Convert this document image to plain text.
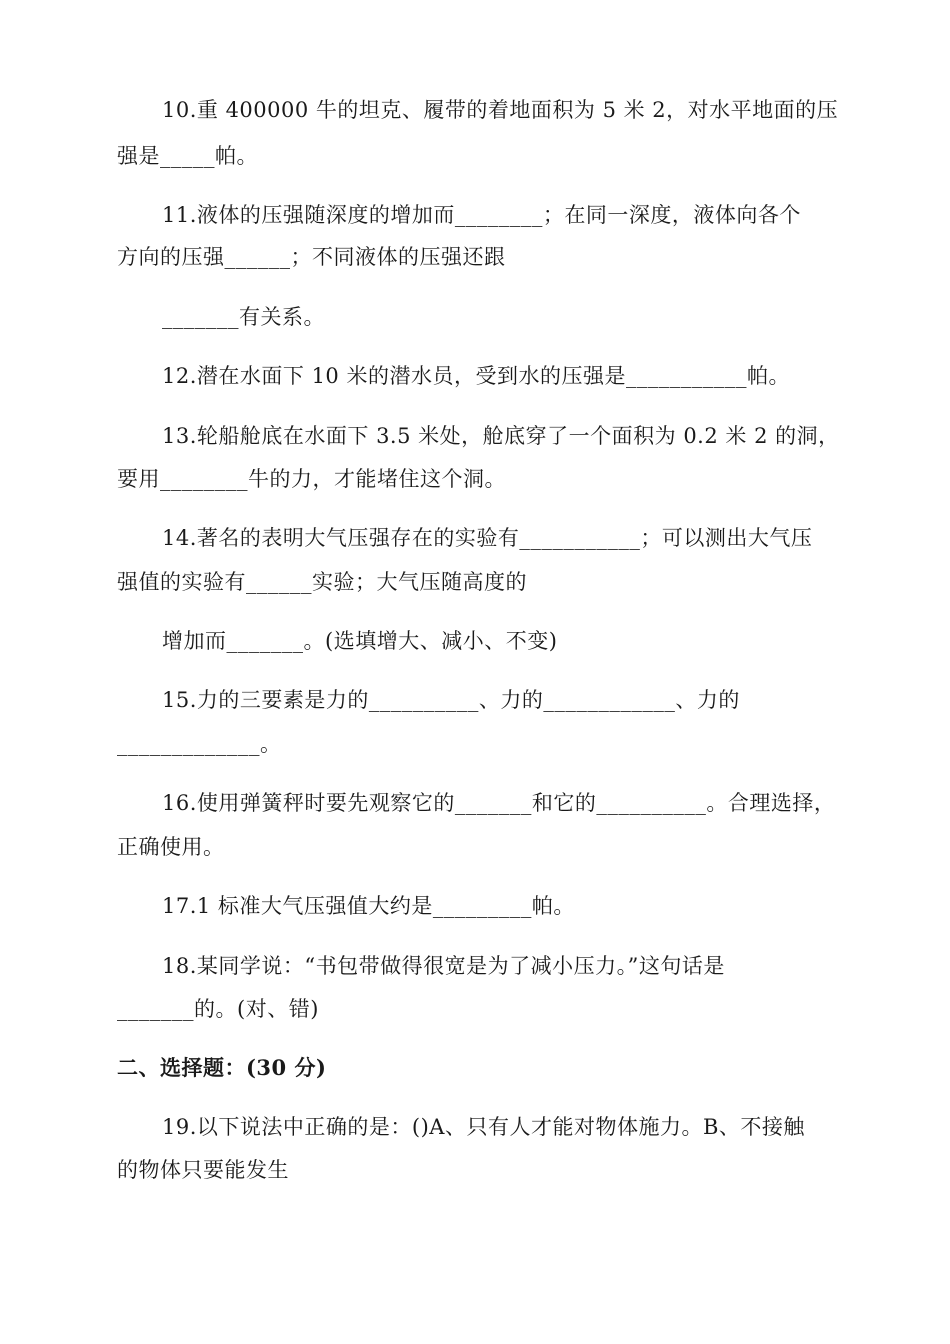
10.重 400000 牛的坦克、履带的着地面积为 5 米 2，对水平地面的压
强是_____帕。
11.液体的压强随深度的增加而________；在同一深度，液体向各个
方向的压强______；不同液体的压强还跟
_______有关系。
12.潜在水面下 10 米的潜水员，受到水的压强是___________帕。
13.轮船舱底在水面下 3.5 米处，舱底穿了一个面积为 0.2 米 2 的洞，
要用________牛的力，才能堵住这个洞。
14.著名的表明大气压强存在的实验有___________；可以测出大气压
强值的实验有______实验；大气压随高度的
增加而_______。(选填增大、减小、不变)
15.力的三要素是力的__________、力的____________、力的
_____________。
16.使用弹簧秤时要先观察它的_______和它的__________。合理选择，
正确使用。
17.1 标准大气压强值大约是_________帕。
18.某同学说：“书包带做得很宽是为了减小压力。”这句话是
_______的。(对、错)
二、选择题：(30 分)
19.以下说法中正确的是：()A、只有人才能对物体施力。B、不接触
的物体只要能发生
